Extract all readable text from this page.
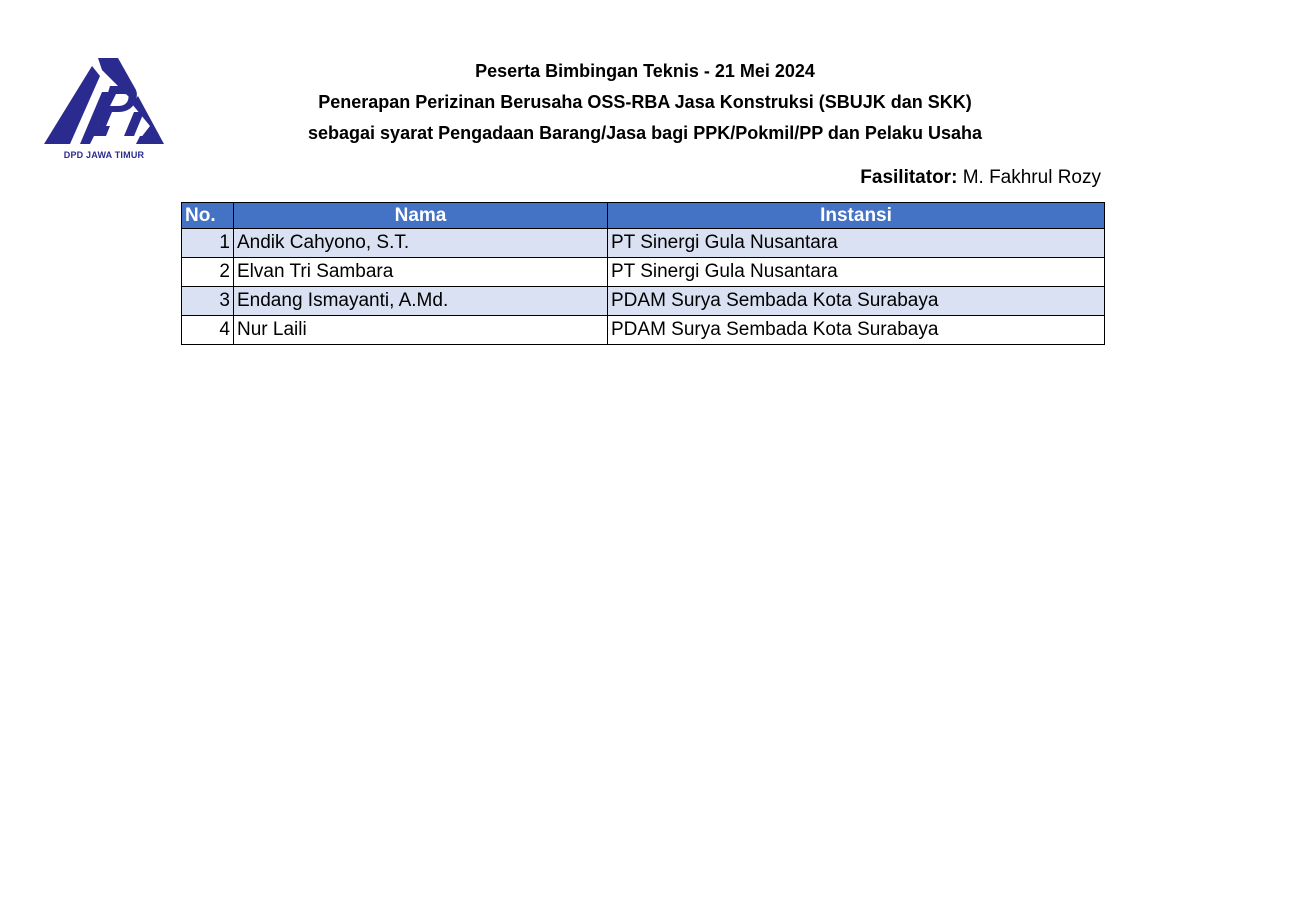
DPD JAWA TIMUR
Peserta Bimbingan Teknis - 21 Mei 2024
Penerapan Perizinan Berusaha OSS-RBA Jasa Konstruksi (SBUJK dan SKK)
sebagai syarat Pengadaan Barang/Jasa bagi PPK/Pokmil/PP dan Pelaku Usaha
Fasilitator: M. Fakhrul Rozy
No.	Nama	Instansi
1	Andik Cahyono, S.T.	PT Sinergi Gula Nusantara
2	Elvan Tri Sambara	PT Sinergi Gula Nusantara
3	Endang Ismayanti, A.Md.	PDAM Surya Sembada Kota Surabaya
4	Nur Laili	PDAM Surya Sembada Kota Surabaya
